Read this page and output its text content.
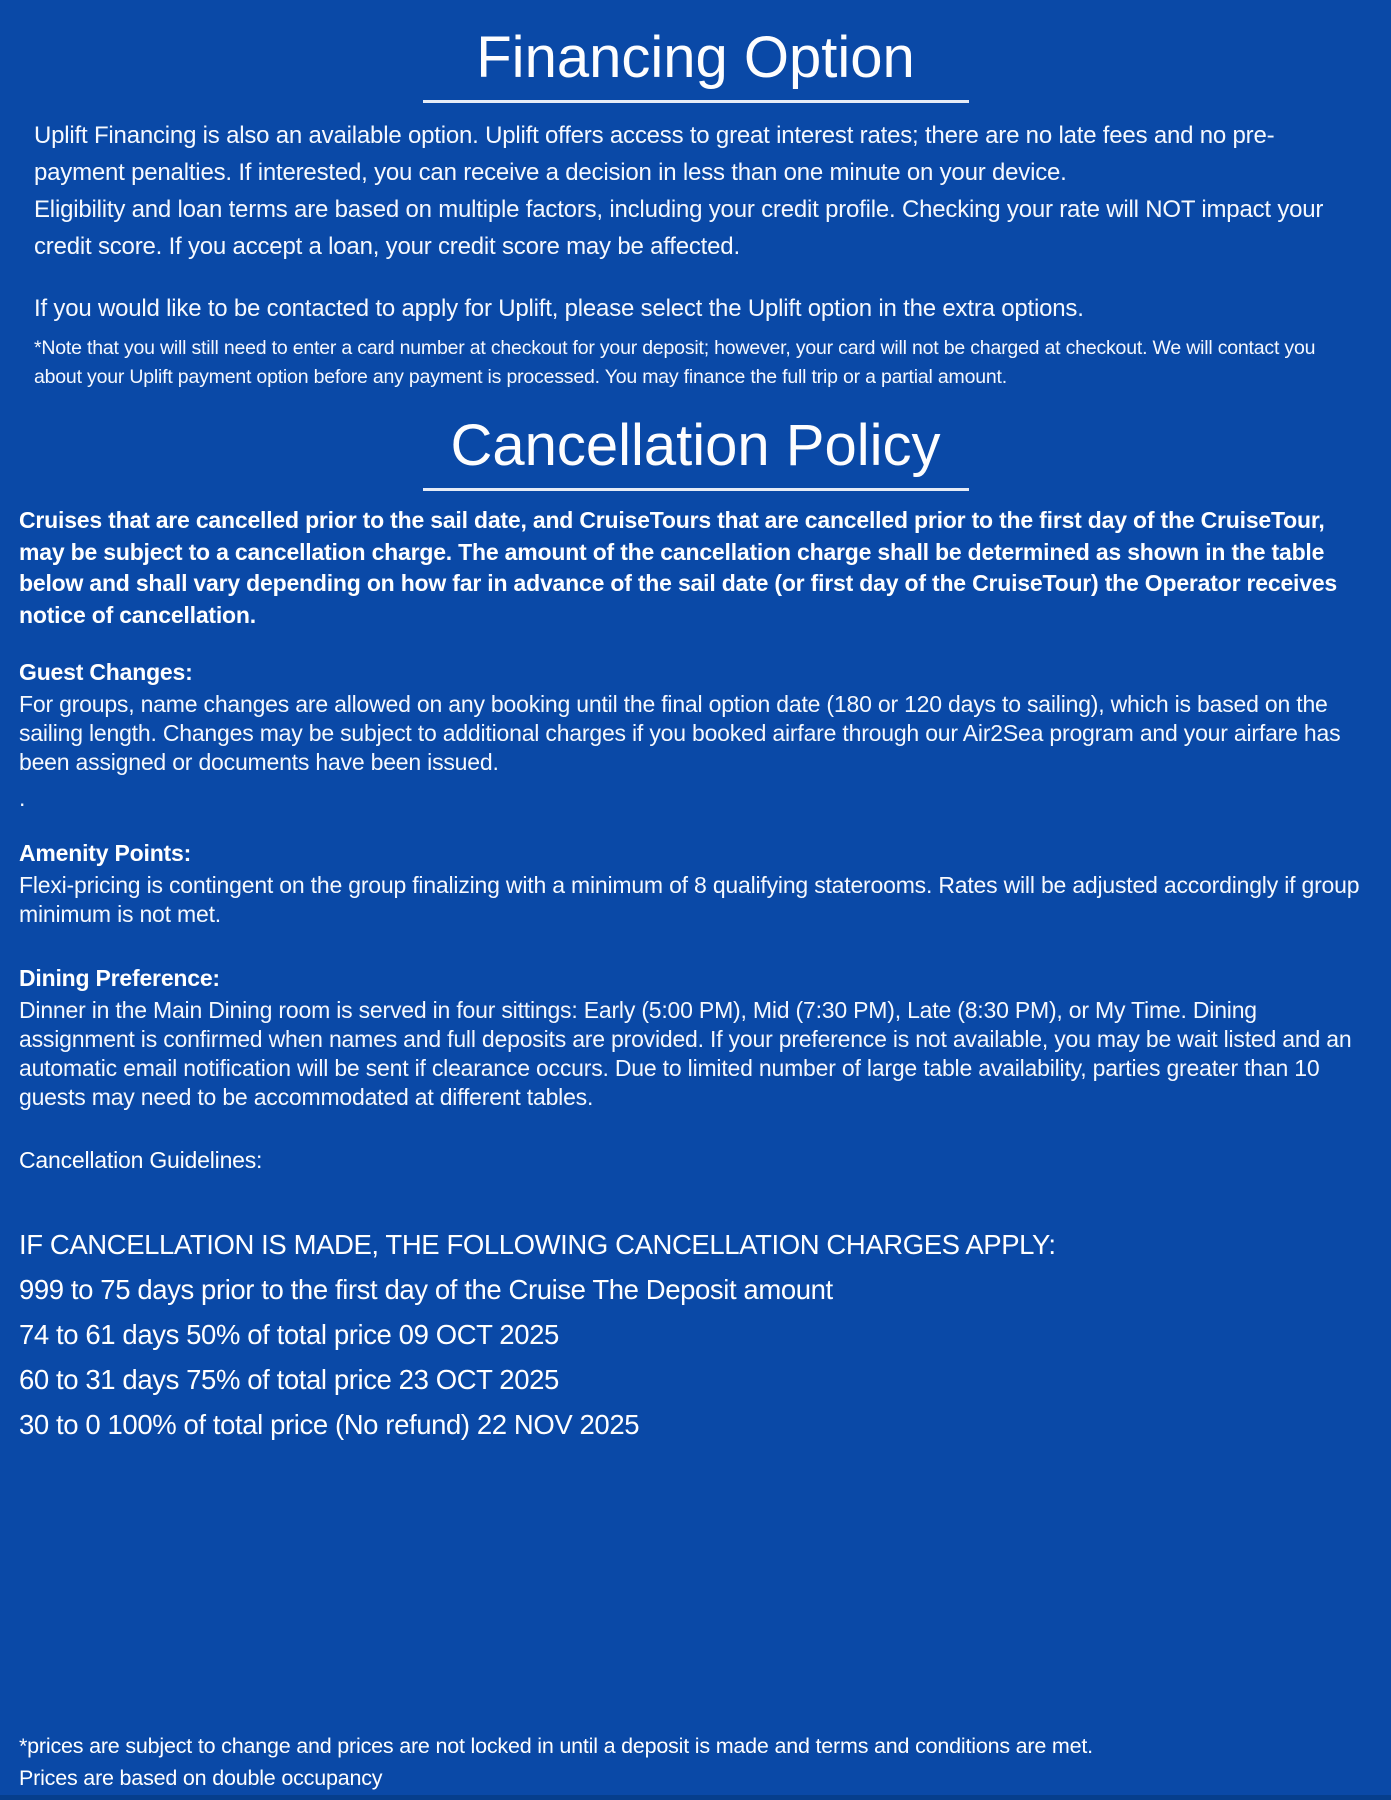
Financing Option

Uplift Financing is also an available option. Uplift offers access to great interest rates; there are no late fees and no pre-payment penalties. If interested, you can receive a decision in less than one minute on your device.

Eligibility and loan terms are based on multiple factors, including your credit profile. Checking your rate will NOT impact your credit score. If you accept a loan, your credit score may be affected.

If you would like to be contacted to apply for Uplift, please select the Uplift option in the extra options.

*Note that you will still need to enter a card number at checkout for your deposit; however, your card will not be charged at checkout. We will contact you about your Uplift payment option before any payment is processed. You may finance the full trip or a partial amount.

Cancellation Policy

Cruises that are cancelled prior to the sail date, and CruiseTours that are cancelled prior to the first day of the CruiseTour, may be subject to a cancellation charge. The amount of the cancellation charge shall be determined as shown in the table below and shall vary depending on how far in advance of the sail date (or first day of the CruiseTour) the Operator receives notice of cancellation.

Guest Changes:

For groups, name changes are allowed on any booking until the final option date (180 or 120 days to sailing), which is based on the sailing length. Changes may be subject to additional charges if you booked airfare through our Air2Sea program and your airfare has been assigned or documents have been issued.

.

Amenity Points:

Flexi-pricing is contingent on the group finalizing with a minimum of 8 qualifying staterooms. Rates will be adjusted accordingly if group minimum is not met.

Dining Preference:

Dinner in the Main Dining room is served in four sittings: Early (5:00 PM), Mid (7:30 PM), Late (8:30 PM), or My Time. Dining assignment is confirmed when names and full deposits are provided. If your preference is not available, you may be wait listed and an automatic email notification will be sent if clearance occurs. Due to limited number of large table availability, parties greater than 10 guests may need to be accommodated at different tables.

Cancellation Guidelines:

IF CANCELLATION IS MADE, THE FOLLOWING CANCELLATION CHARGES APPLY:

999 to 75 days prior to the first day of the Cruise The Deposit amount

74 to 61 days 50% of total price 09 OCT 2025

60 to 31 days 75% of total price 23 OCT 2025

30 to 0 100% of total price (No refund) 22 NOV 2025

*prices are subject to change and prices are not locked in until a deposit is made and terms and conditions are met.

Prices are based on double occupancy
